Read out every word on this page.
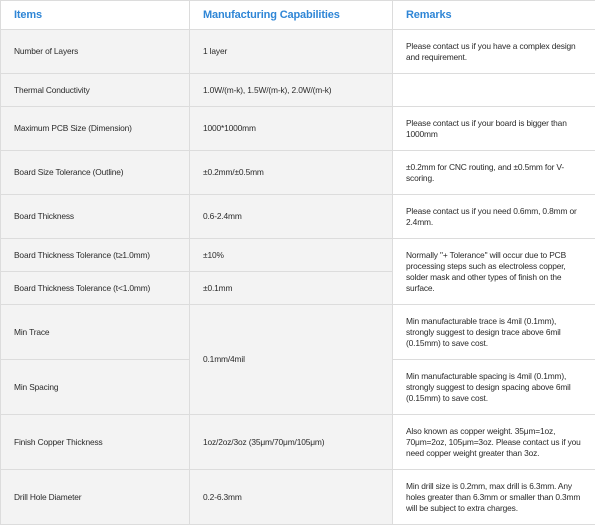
Items	Manufacturing Capabilities	Remarks
Number of Layers	1 layer	Please contact us if you have a complex design and requirement.
Thermal Conductivity	1.0W/(m-k), 1.5W/(m-k), 2.0W/(m-k)	
Maximum PCB Size (Dimension)	1000*1000mm	Please contact us if your board is bigger than 1000mm
Board Size Tolerance (Outline)	±0.2mm/±0.5mm	±0.2mm for CNC routing, and ±0.5mm for V-scoring.
Board Thickness	0.6-2.4mm	Please contact us if you need 0.6mm, 0.8mm or 2.4mm.
Board Thickness Tolerance (t≥1.0mm)	±10%	Normally "+ Tolerance" will occur due to PCB processing steps such as electroless copper, solder mask and other types of finish on the surface.
Board Thickness Tolerance (t<1.0mm)	±0.1mm	
Min Trace	0.1mm/4mil	Min manufacturable trace is 4mil (0.1mm), strongly suggest to design trace above 6mil (0.15mm) to save cost.
Min Spacing		Min manufacturable spacing is 4mil (0.1mm), strongly suggest to design spacing above 6mil (0.15mm) to save cost.
Finish Copper Thickness	1oz/2oz/3oz (35μm/70μm/105μm)	Also known as copper weight. 35μm=1oz, 70μm=2oz, 105μm=3oz. Please contact us if you need copper weight greater than 3oz.
Drill Hole Diameter	0.2-6.3mm	Min drill size is 0.2mm, max drill is 6.3mm. Any holes greater than 6.3mm or smaller than 0.3mm will be subject to extra charges.
